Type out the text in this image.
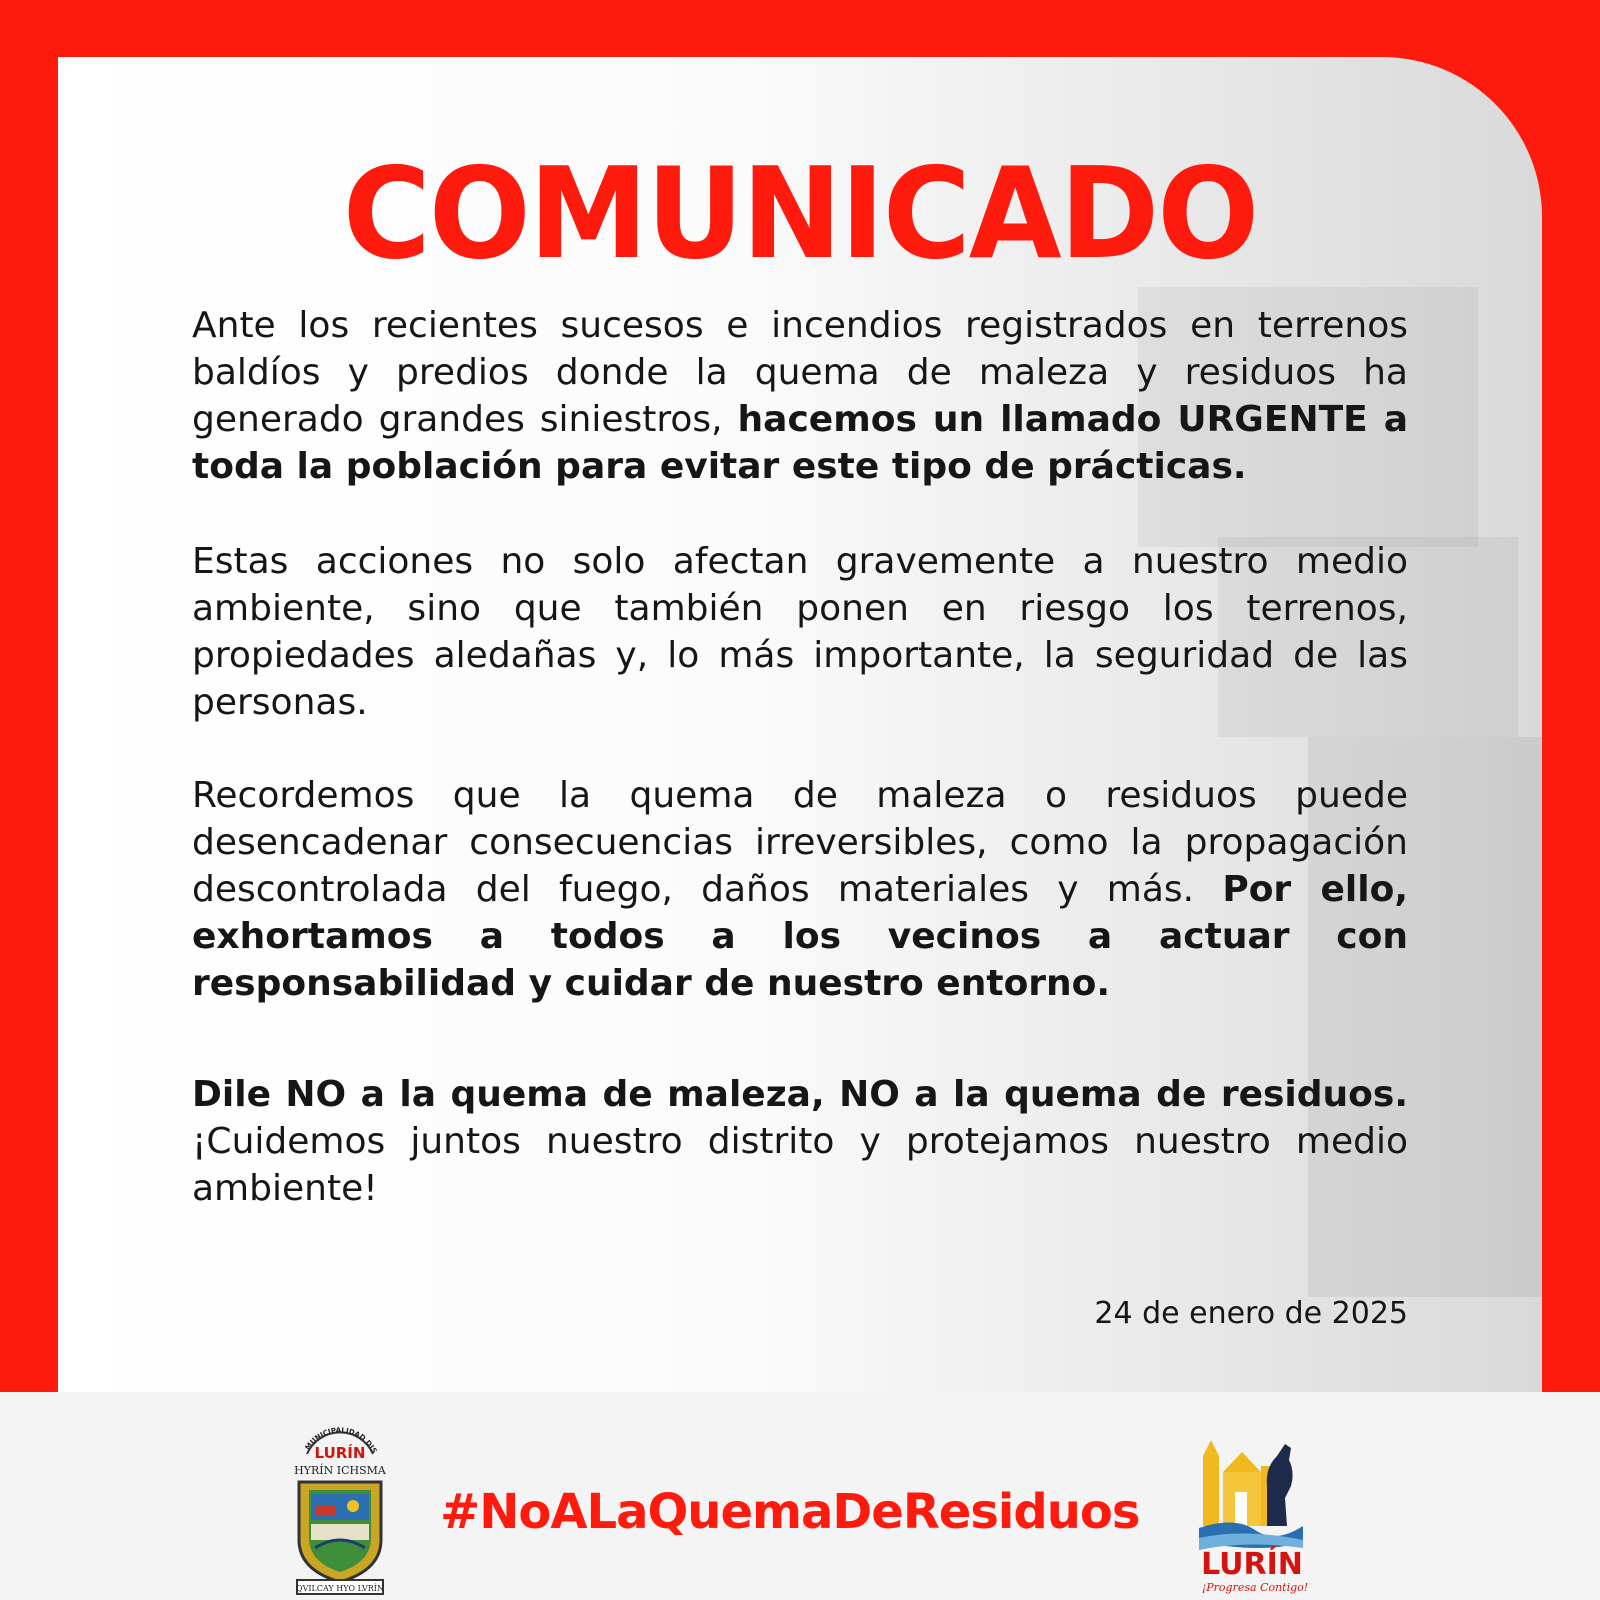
COMUNICADO

Ante los recientes sucesos e incendios registrados en terrenos baldíos y predios donde la quema de maleza y residuos ha generado grandes siniestros, hacemos un llamado URGENTE a toda la población para evitar este tipo de prácticas.

Estas acciones no solo afectan gravemente a nuestro medio ambiente, sino que también ponen en riesgo los terrenos, propiedades aledañas y, lo más importante, la seguridad de las personas.

Recordemos que la quema de maleza o residuos puede desencadenar consecuencias irreversibles, como la propagación descontrolada del fuego, daños materiales y más. Por ello, exhortamos a todos a los vecinos a actuar con responsabilidad y cuidar de nuestro entorno.

Dile NO a la quema de maleza, NO a la quema de residuos. ¡Cuidemos juntos nuestro distrito y protejamos nuestro medio ambiente!

24 de enero de 2025
MUNICIPALIDAD DIS
LURÍN
HYRÍN ICHSMA
QVILCAY HYO LVRÍN
#NoALaQuemaDeResiduos
LURÍN
¡Progresa Contigo!
